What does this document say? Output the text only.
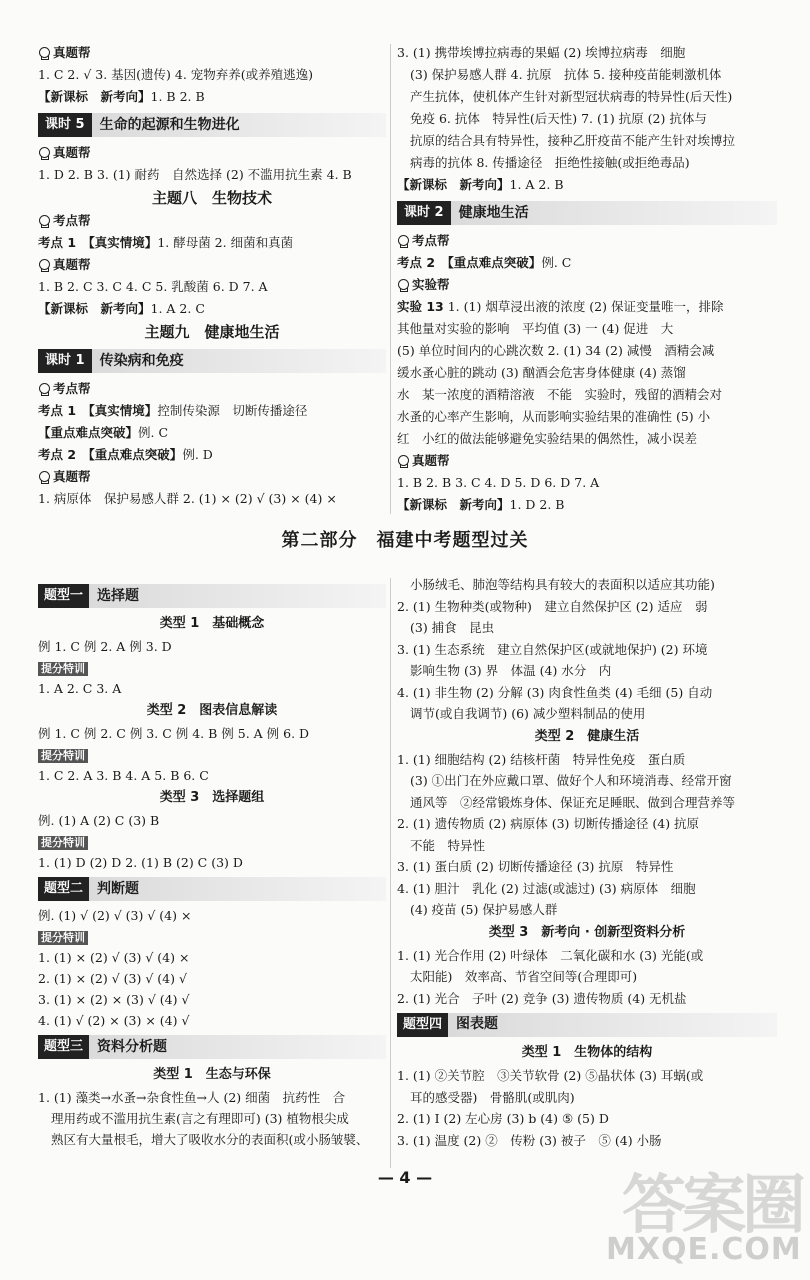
真题帮
1. C 2. √ 3. 基因(遗传) 4. 宠物弃养(或养殖逃逸)
【新课标　新考向】1. B 2. B
课时 5	生命的起源和生物进化
真题帮
1. D 2. B 3. (1) 耐药　自然选择 (2) 不滥用抗生素 4. B
主题八　生物技术
考点帮
考点 1　【真实情境】1. 酵母菌 2. 细菌和真菌
真题帮
1. B 2. C 3. C 4. C 5. 乳酸菌 6. D 7. A
【新课标　新考向】1. A 2. C
主题九　健康地生活
课时 1	传染病和免疫
考点帮
考点 1　【真实情境】控制传染源　切断传播途径
【重点难点突破】例. C
考点 2　【重点难点突破】例. D
真题帮
1. 病原体　保护易感人群 2. (1) × (2) √ (3) × (4) ×
3. (1) 携带埃博拉病毒的果蝠 (2) 埃博拉病毒　细胞
(3) 保护易感人群 4. 抗原　抗体 5. 接种疫苗能刺激机体
产生抗体，使机体产生针对新型冠状病毒的特异性(后天性)
免疫 6. 抗体　特异性(后天性) 7. (1) 抗原 (2) 抗体与
抗原的结合具有特异性，接种乙肝疫苗不能产生针对埃博拉
病毒的抗体 8. 传播途径　拒绝性接触(或拒绝毒品)
【新课标　新考向】1. A 2. B
课时 2	健康地生活
考点帮
考点 2　【重点难点突破】例. C
实验帮
实验 13 1. (1) 烟草浸出液的浓度 (2) 保证变量唯一，排除
其他量对实验的影响　平均值 (3) 一 (4) 促进　大
(5) 单位时间内的心跳次数 2. (1) 34 (2) 减慢　酒精会减
缓水蚤心脏的跳动 (3) 酗酒会危害身体健康 (4) 蒸馏
水　某一浓度的酒精溶液　不能　实验时，残留的酒精会对
水蚤的心率产生影响，从而影响实验结果的准确性 (5) 小
红　小红的做法能够避免实验结果的偶然性，减小误差
真题帮
1. B 2. B 3. C 4. D 5. D 6. D 7. A
【新课标　新考向】1. D 2. B
第二部分　福建中考题型过关
题型一	选择题
类型 1　基础概念
例 1. C 例 2. A 例 3. D
提分特训
1. A 2. C 3. A
类型 2　图表信息解读
例 1. C 例 2. C 例 3. C 例 4. B 例 5. A 例 6. D
提分特训
1. C 2. A 3. B 4. A 5. B 6. C
类型 3　选择题组
例. (1) A (2) C (3) B
提分特训
1. (1) D (2) D 2. (1) B (2) C (3) D
题型二	判断题
例. (1) √ (2) √ (3) √ (4) ×
提分特训
1. (1) × (2) √ (3) √ (4) ×
2. (1) × (2) √ (3) √ (4) √
3. (1) × (2) × (3) √ (4) √
4. (1) √ (2) × (3) × (4) √
题型三	资料分析题
类型 1　生态与环保
1. (1) 藻类→水蚤→杂食性鱼→人 (2) 细菌　抗药性　合
理用药或不滥用抗生素(言之有理即可) (3) 植物根尖成
熟区有大量根毛，增大了吸收水分的表面积(或小肠皱襞、
小肠绒毛、肺泡等结构具有较大的表面积以适应其功能)
2. (1) 生物种类(或物种)　建立自然保护区 (2) 适应　弱
(3) 捕食　昆虫
3. (1) 生态系统　建立自然保护区(或就地保护) (2) 环境
影响生物 (3) 界　体温 (4) 水分　内
4. (1) 非生物 (2) 分解 (3) 肉食性鱼类 (4) 毛细 (5) 自动
调节(或自我调节) (6) 减少塑料制品的使用
类型 2　健康生活
1. (1) 细胞结构 (2) 结核杆菌　特异性免疫　蛋白质
(3) ①出门在外应戴口罩、做好个人和环境消毒、经常开窗
通风等　②经常锻炼身体、保证充足睡眠、做到合理营养等
2. (1) 遗传物质 (2) 病原体 (3) 切断传播途径 (4) 抗原
不能　特异性
3. (1) 蛋白质 (2) 切断传播途径 (3) 抗原　特异性
4. (1) 胆汁　乳化 (2) 过滤(或滤过) (3) 病原体　细胞
(4) 疫苗 (5) 保护易感人群
类型 3　新考向 · 创新型资料分析
1. (1) 光合作用 (2) 叶绿体　二氧化碳和水 (3) 光能(或
太阳能)　效率高、节省空间等(合理即可)
2. (1) 光合　子叶 (2) 竞争 (3) 遗传物质 (4) 无机盐
题型四	图表题
类型 1　生物体的结构
1. (1) ②关节腔　③关节软骨 (2) ⑤晶状体 (3) 耳蜗(或
耳的感受器)　骨骼肌(或肌肉)
2. (1) Ⅰ (2) 左心房 (3) b (4) ⑤ (5) D
3. (1) 温度 (2) ②　传粉 (3) 被子　⑤ (4) 小肠
— 4 —	答案圈
MXQE.COM
